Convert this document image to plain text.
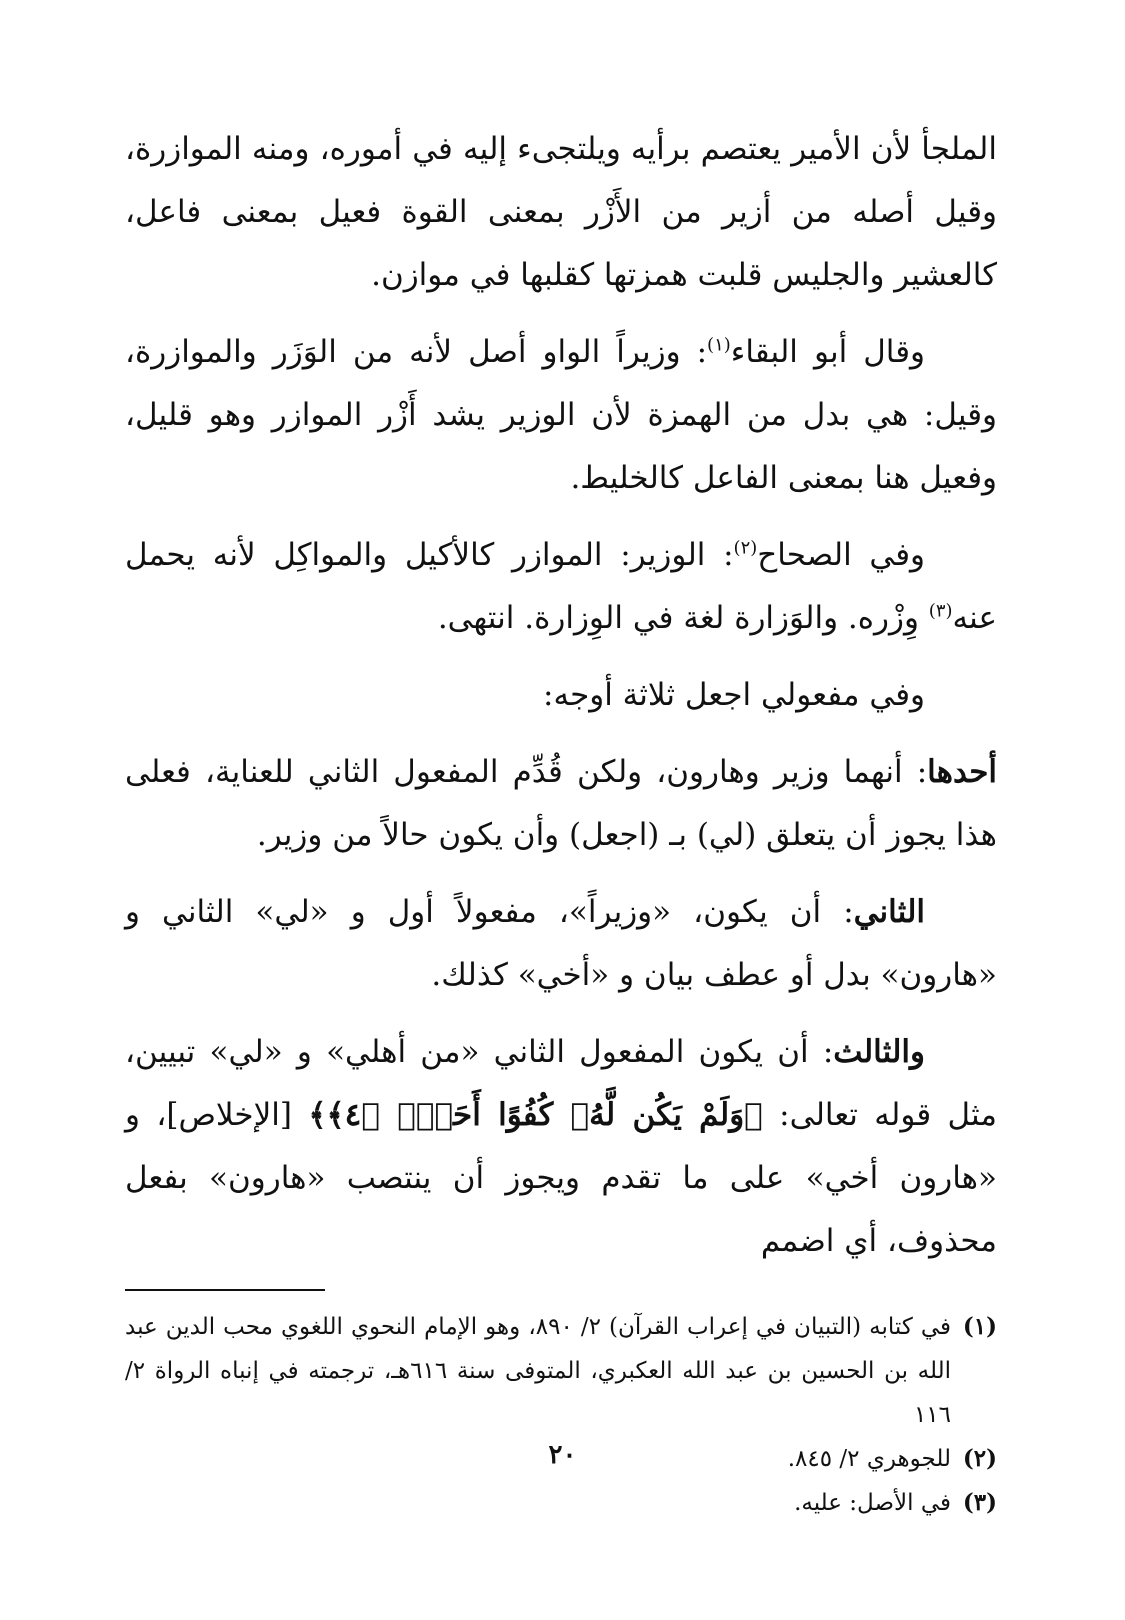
الملجأ لأن الأمير يعتصم برأيه ويلتجىء إليه في أموره، ومنه الموازرة، وقيل أصله من أزير من الأَزْر بمعنى القوة فعيل بمعنى فاعل، كالعشير والجليس قلبت همزتها كقلبها في موازن.

وقال أبو البقاء$^{(١)}$: وزيراً الواو أصل لأنه من الوَزَر والموازرة، وقيل: هي بدل من الهمزة لأن الوزير يشد أَزْر الموازر وهو قليل، وفعيل هنا بمعنى الفاعل كالخليط.

وفي الصحاح$^{(٢)}$: الوزير: الموازر كالأكيل والمواكِل لأنه يحمل عنه$^{(٣)}$ وِزْره. والوَزارة لغة في الوِزارة. انتهى.

وفي مفعولي اجعل ثلاثة أوجه:

أحدها: أنهما وزير وهارون، ولكن قُدِّم المفعول الثاني للعناية، فعلى هذا يجوز أن يتعلق (لي) بـ (اجعل) وأن يكون حالاً من وزير.

الثاني: أن يكون، «وزيراً»، مفعولاً أول و «لي» الثاني و «هارون» بدل أو عطف بيان و «أخي» كذلك.

والثالث: أن يكون المفعول الثاني «من أهلي» و «لي» تبيين، مثل قوله تعالى: ﴿وَلَمْ يَكُن لَّهُۥ كُفُوًا أَحَدٌۢ ﴿٤﴾﴾ [الإخلاص]، و «هارون أخي» على ما تقدم ويجوز أن ينتصب «هارون» بفعل محذوف، أي اضمم

(١)
في كتابه (التبيان في إعراب القرآن) ٢/ ٨٩٠، وهو الإمام النحوي اللغوي محب الدين عبد الله بن الحسين بن عبد الله العكبري، المتوفى سنة ٦١٦هـ، ترجمته في إنباه الرواة ٢/ ١١٦
(٢)
للجوهري ٢/ ٨٤٥.
(٣)
في الأصل: عليه.
٢٠
